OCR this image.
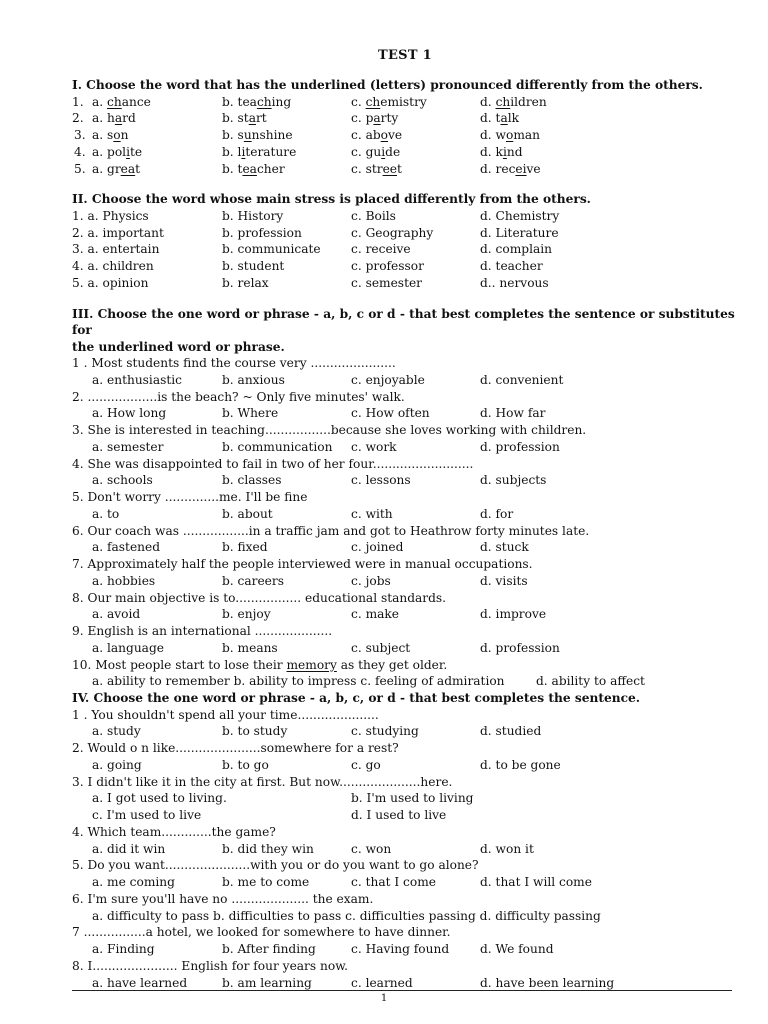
TEST 1
I. Choose the word that has the underlined (letters) pronounced differently from the others.
1. a. chance	b. teaching	c. chemistry	d. children
2. a. hard	b. start	c. party	d. talk
3. a. son	b. sunshine	c. above	d. woman
4. a. polite	b. literature	c. guide	d. kind
5. a. great	b. teacher	c. street	d. receive
II. Choose the word whose main stress is placed differently from the others.
1. a. Physics	b. History	c. Boils	d. Chemistry
2. a. important	b. profession	c. Geography	d. Literature
3. a. entertain	b. communicate c. receive	d. complain
4. a. children	b. student	c. professor	d. teacher
5. a. opinion	b. relax	c. semester	d.. nervous
III. Choose the one word or phrase - a, b, c or d - that best completes the sentence or substitutes for
the underlined word or phrase.
1 . Most students find the course very ......................
a. enthusiastic	b. anxious	c. enjoyable	d. convenient
2. ..................is the beach? ~ Only five minutes' walk.
a. How long	b. Where	c. How often	d. How far
3. She is interested in teaching.................because she loves working with children.
a. semester	b. communication c. work	d. profession
4. She was disappointed to fail in two of her four..........................
a. schools	b. classes	c. lessons	d. subjects
5. Don't worry ..............me. I'll be fine
a. to	b. about	c. with	d. for
6. Our coach was .................in a traffic jam and got to Heathrow forty minutes late.
a. fastened	b. fixed	c. joined	d. stuck
7. Approximately half the people interviewed were in manual occupations.
a. hobbies	b. careers	c. jobs	d. visits
8. Our main objective is to................. educational standards.
a. avoid	b. enjoy	c. make	d. improve
9. English is an international ....................
a. language	b. means	c. subject	d. profession
10. Most people start to lose their memory as they get older.
a. ability to remember b. ability to impress c. feeling of admiration	d. ability to affect
IV. Choose the one word or phrase - a, b, c, or d - that best completes the sentence.
1 . You shouldn't spend all your time.....................
a. study	b. to study	c. studying	d. studied
2. Would o n like......................somewhere for a rest?
a. going	b. to go	c. go	d. to be gone
3. I didn't like it in the city at first. But now.....................here.
a. I got used to living.	b. I'm used to living
c. I'm used to live	d. I used to live
4. Which team.............the game?
a. did it win	b. did they win	c. won	d. won it
5. Do you want......................with you or do you want to go alone?
a. me coming	b. me to come	c. that I come	d. that I will come
6. I'm sure you'll have no .................... the exam.
a. difficulty to pass b. difficulties to pass c. difficulties passing d. difficulty passing
7 ................a hotel, we looked for somewhere to have dinner.
a. Finding	b. After finding	c. Having found	d. We found
8. I...................... English for four years now.
a. have learned	b. am learning	c. learned	d. have been learning
1
